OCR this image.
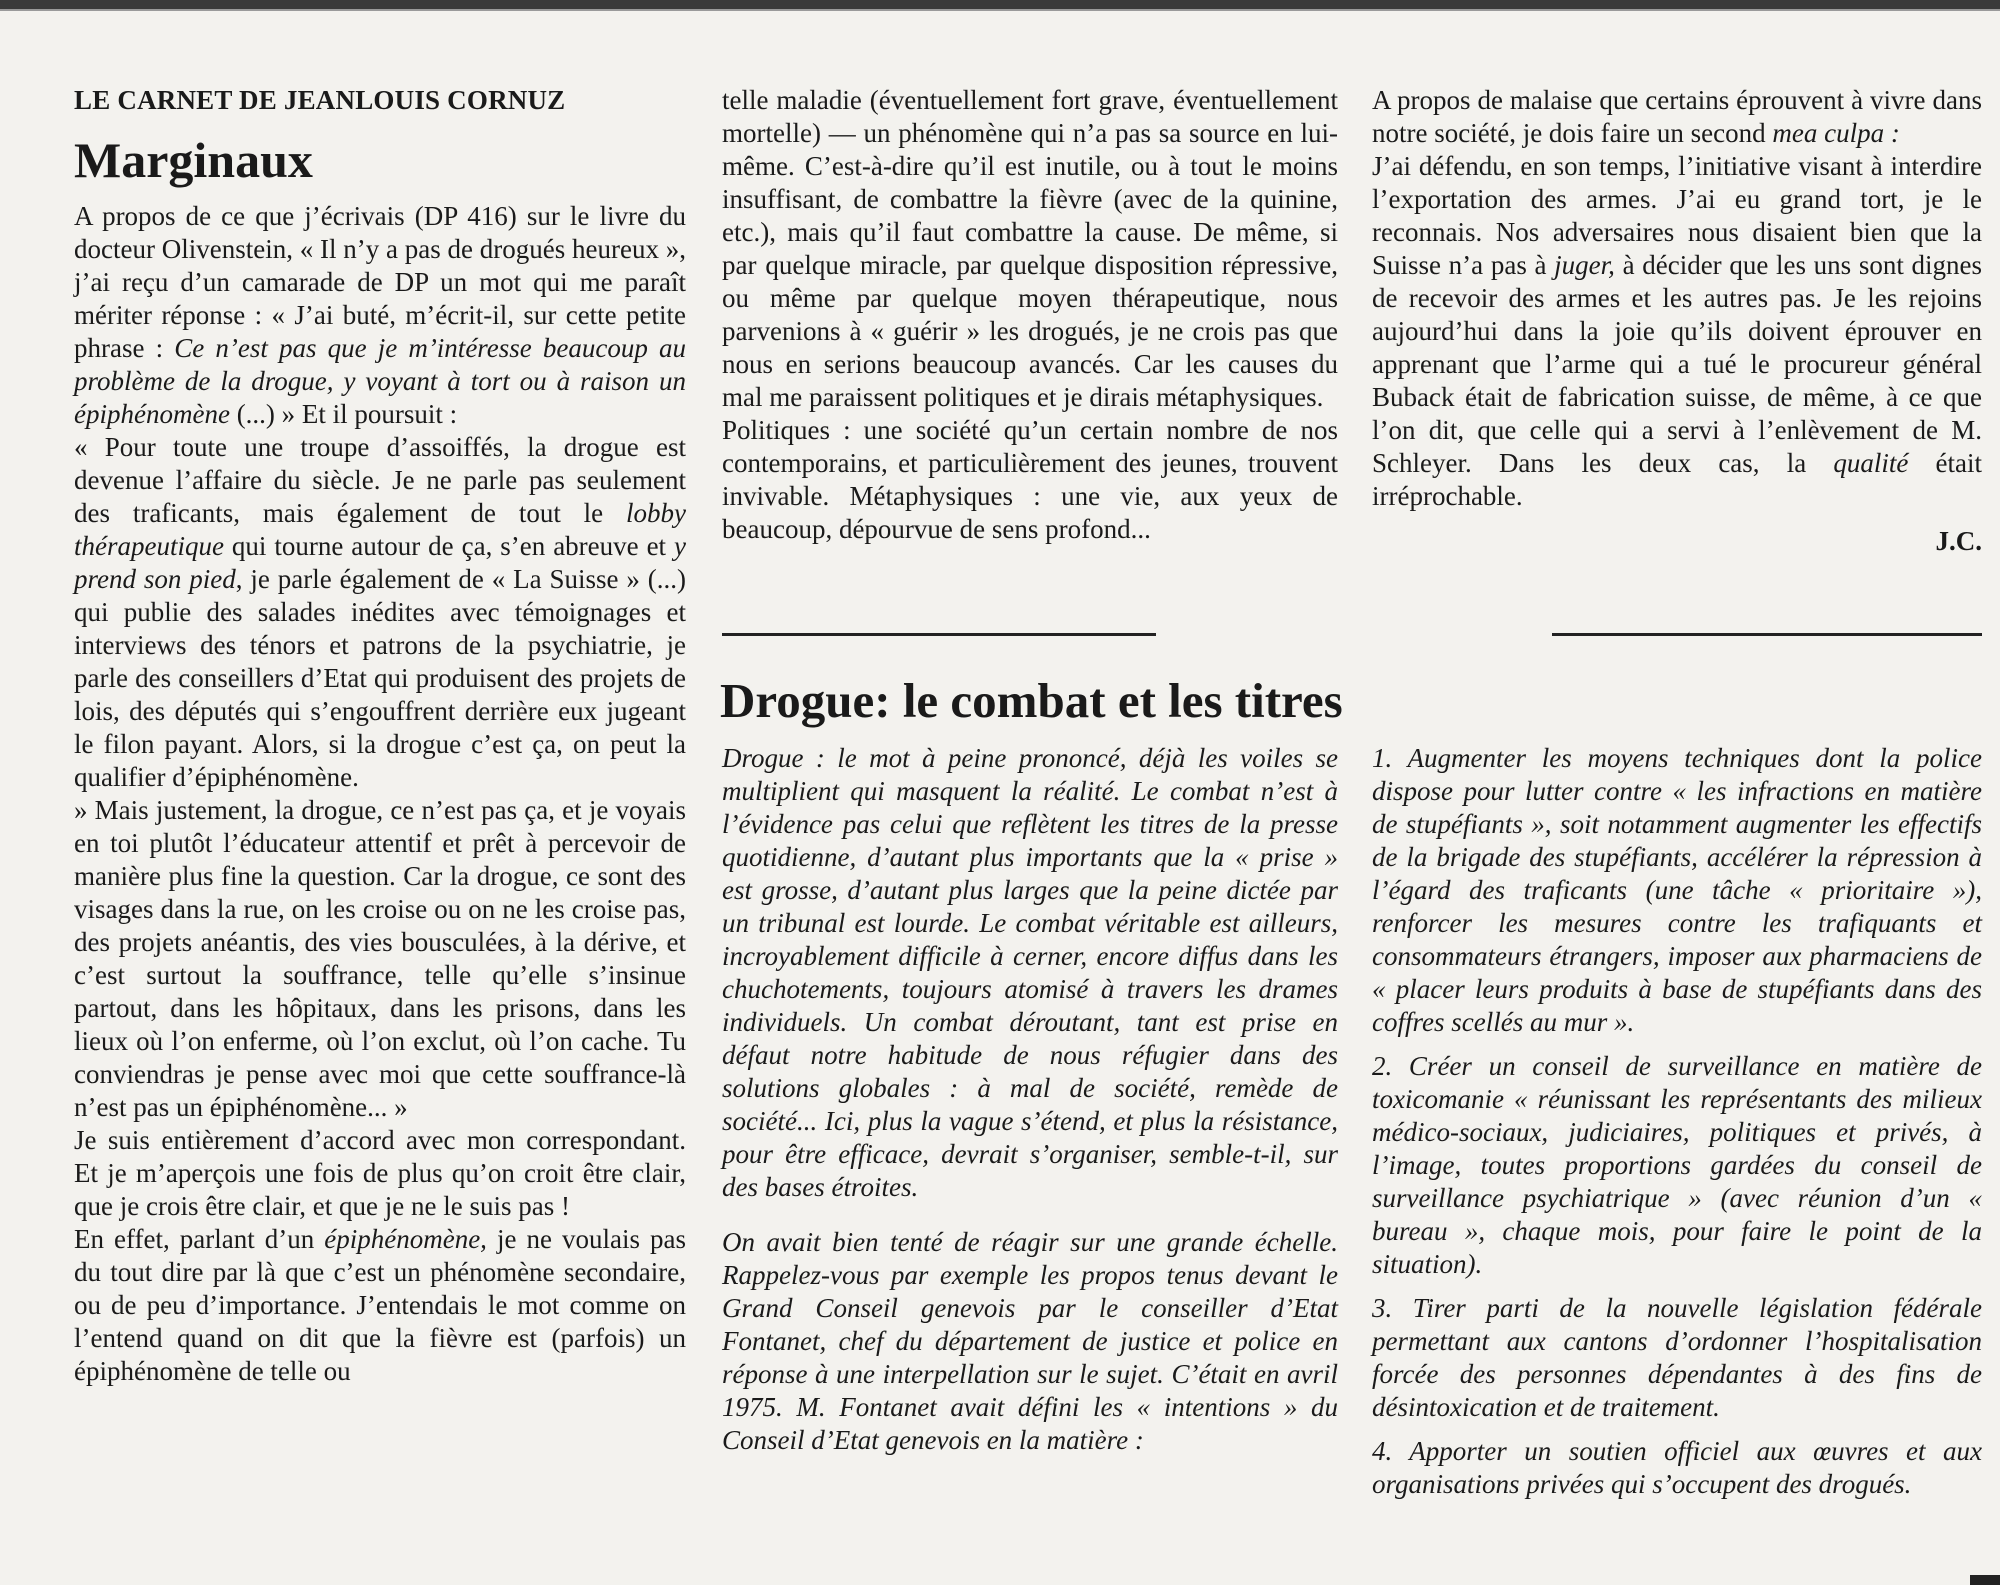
LE CARNET DE JEANLOUIS CORNUZ
Marginaux

A propos de ce que j’écrivais (DP 416) sur le livre du docteur Olivenstein, « Il n’y a pas de drogués heureux », j’ai reçu d’un camarade de DP un mot qui me paraît mériter réponse : « J’ai buté, m’écrit-il, sur cette petite phrase : Ce n’est pas que je m’intéresse beaucoup au problème de la drogue, y voyant à tort ou à raison un épiphénomène (...) » Et il poursuit :

« Pour toute une troupe d’assoiffés, la drogue est devenue l’affaire du siècle. Je ne parle pas seulement des traficants, mais également de tout le lobby thérapeutique qui tourne autour de ça, s’en abreuve et y prend son pied, je parle également de « La Suisse » (...) qui publie des salades inédites avec témoignages et interviews des ténors et patrons de la psychiatrie, je parle des conseillers d’Etat qui produisent des projets de lois, des députés qui s’engouffrent derrière eux jugeant le filon payant. Alors, si la drogue c’est ça, on peut la qualifier d’épiphénomène.

» Mais justement, la drogue, ce n’est pas ça, et je voyais en toi plutôt l’éducateur attentif et prêt à percevoir de manière plus fine la question. Car la drogue, ce sont des visages dans la rue, on les croise ou on ne les croise pas, des projets anéantis, des vies bousculées, à la dérive, et c’est surtout la souffrance, telle qu’elle s’insinue partout, dans les hôpitaux, dans les prisons, dans les lieux où l’on enferme, où l’on exclut, où l’on cache. Tu conviendras je pense avec moi que cette souffrance-là n’est pas un épiphénomène... »

Je suis entièrement d’accord avec mon correspondant. Et je m’aperçois une fois de plus qu’on croit être clair, que je crois être clair, et que je ne le suis pas !

En effet, parlant d’un épiphénomène, je ne voulais pas du tout dire par là que c’est un phénomène secondaire, ou de peu d’importance. J’entendais le mot comme on l’entend quand on dit que la fièvre est (parfois) un épiphénomène de telle ou

telle maladie (éventuellement fort grave, éventuellement mortelle) — un phénomène qui n’a pas sa source en lui-même. C’est-à-dire qu’il est inutile, ou à tout le moins insuffisant, de combattre la fièvre (avec de la quinine, etc.), mais qu’il faut combattre la cause. De même, si par quelque miracle, par quelque disposition répressive, ou même par quelque moyen thérapeutique, nous parvenions à « guérir » les drogués, je ne crois pas que nous en serions beaucoup avancés. Car les causes du mal me paraissent politiques et je dirais métaphysiques.

Politiques : une société qu’un certain nombre de nos contemporains, et particulièrement des jeunes, trouvent invivable. Métaphysiques : une vie, aux yeux de beaucoup, dépourvue de sens profond...

A propos de malaise que certains éprouvent à vivre dans notre société, je dois faire un second mea culpa :

J’ai défendu, en son temps, l’initiative visant à interdire l’exportation des armes. J’ai eu grand tort, je le reconnais. Nos adversaires nous disaient bien que la Suisse n’a pas à juger, à décider que les uns sont dignes de recevoir des armes et les autres pas. Je les rejoins aujourd’hui dans la joie qu’ils doivent éprouver en apprenant que l’arme qui a tué le procureur général Buback était de fabrication suisse, de même, à ce que l’on dit, que celle qui a servi à l’enlèvement de M. Schleyer. Dans les deux cas, la qualité était irréprochable.

J.C.
Drogue: le combat et les titres

Drogue : le mot à peine prononcé, déjà les voiles se multiplient qui masquent la réalité. Le combat n’est à l’évidence pas celui que reflètent les titres de la presse quotidienne, d’autant plus importants que la « prise » est grosse, d’autant plus larges que la peine dictée par un tribunal est lourde. Le combat véritable est ailleurs, incroyablement difficile à cerner, encore diffus dans les chuchotements, toujours atomisé à travers les drames individuels. Un combat déroutant, tant est prise en défaut notre habitude de nous réfugier dans des solutions globales : à mal de société, remède de société... Ici, plus la vague s’étend, et plus la résistance, pour être efficace, devrait s’organiser, semble-t-il, sur des bases étroites.

On avait bien tenté de réagir sur une grande échelle. Rappelez-vous par exemple les propos tenus devant le Grand Conseil genevois par le conseiller d’Etat Fontanet, chef du département de justice et police en réponse à une interpellation sur le sujet. C’était en avril 1975. M. Fontanet avait défini les « intentions » du Conseil d’Etat genevois en la matière :

1. Augmenter les moyens techniques dont la police dispose pour lutter contre « les infractions en matière de stupéfiants », soit notamment augmenter les effectifs de la brigade des stupéfiants, accélérer la répression à l’égard des traficants (une tâche « prioritaire »), renforcer les mesures contre les trafiquants et consommateurs étrangers, imposer aux pharmaciens de « placer leurs produits à base de stupéfiants dans des coffres scellés au mur ».

2. Créer un conseil de surveillance en matière de toxicomanie « réunissant les représentants des milieux médico-sociaux, judiciaires, politiques et privés, à l’image, toutes proportions gardées du conseil de surveillance psychiatrique » (avec réunion d’un « bureau », chaque mois, pour faire le point de la situation).

3. Tirer parti de la nouvelle législation fédérale permettant aux cantons d’ordonner l’hospitalisation forcée des personnes dépendantes à des fins de désintoxication et de traitement.

4. Apporter un soutien officiel aux œuvres et aux organisations privées qui s’occupent des drogués.
